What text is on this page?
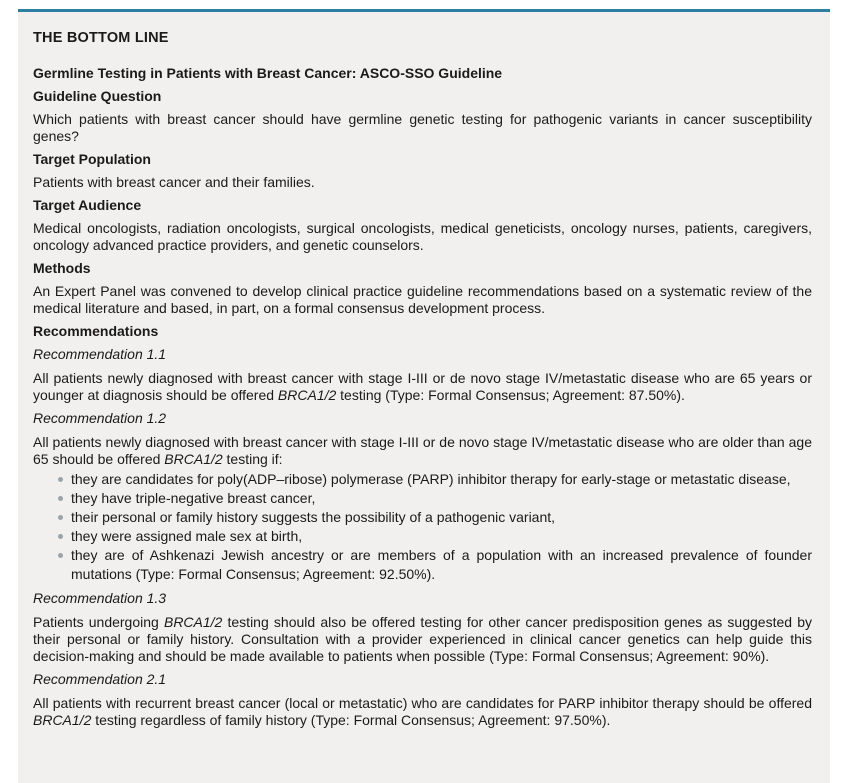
THE BOTTOM LINE
Germline Testing in Patients with Breast Cancer: ASCO-SSO Guideline
Guideline Question
Which patients with breast cancer should have germline genetic testing for pathogenic variants in cancer susceptibility genes?
Target Population
Patients with breast cancer and their families.
Target Audience
Medical oncologists, radiation oncologists, surgical oncologists, medical geneticists, oncology nurses, patients, caregivers, oncology advanced practice providers, and genetic counselors.
Methods
An Expert Panel was convened to develop clinical practice guideline recommendations based on a systematic review of the medical literature and based, in part, on a formal consensus development process.
Recommendations
Recommendation 1.1
All patients newly diagnosed with breast cancer with stage I-III or de novo stage IV/metastatic disease who are 65 years or younger at diagnosis should be offered BRCA1/2 testing (Type: Formal Consensus; Agreement: 87.50%).
Recommendation 1.2
All patients newly diagnosed with breast cancer with stage I-III or de novo stage IV/metastatic disease who are older than age 65 should be offered BRCA1/2 testing if:
they are candidates for poly(ADP–ribose) polymerase (PARP) inhibitor therapy for early-stage or metastatic disease,
they have triple-negative breast cancer,
their personal or family history suggests the possibility of a pathogenic variant,
they were assigned male sex at birth,
they are of Ashkenazi Jewish ancestry or are members of a population with an increased prevalence of founder mutations (Type: Formal Consensus; Agreement: 92.50%).
Recommendation 1.3
Patients undergoing BRCA1/2 testing should also be offered testing for other cancer predisposition genes as suggested by their personal or family history. Consultation with a provider experienced in clinical cancer genetics can help guide this decision-making and should be made available to patients when possible (Type: Formal Consensus; Agreement: 90%).
Recommendation 2.1
All patients with recurrent breast cancer (local or metastatic) who are candidates for PARP inhibitor therapy should be offered BRCA1/2 testing regardless of family history (Type: Formal Consensus; Agreement: 97.50%).
